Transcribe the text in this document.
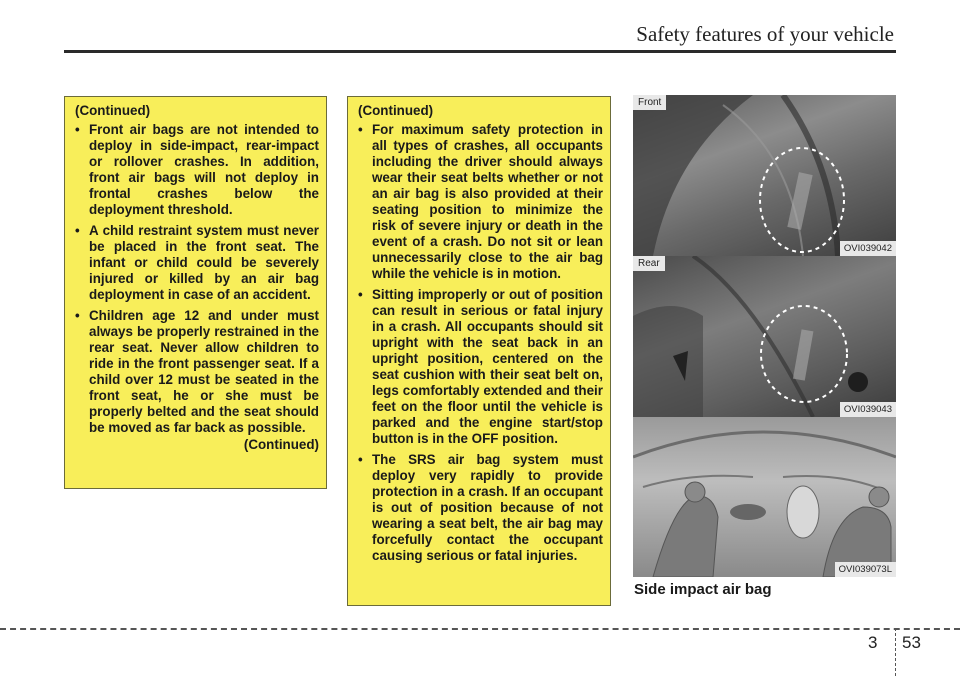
Safety features of your vehicle

(Continued)

• Front air bags are not intended to deploy in side-impact, rear-impact or rollover crashes. In addition, front air bags will not deploy in frontal crashes below the deployment threshold.

• A child restraint system must never be placed in the front seat. The infant or child could be severely injured or killed by an air bag deployment in case of an accident.

• Children age 12 and under must always be properly restrained in the rear seat. Never allow children to ride in the front passenger seat. If a child over 12 must be seated in the front seat, he or she must be properly belted and the seat should be moved as far back as possible.

(Continued)

(Continued)

• For maximum safety protection in all types of crashes, all occupants including the driver should always wear their seat belts whether or not an air bag is also provided at their seating position to minimize the risk of severe injury or death in the event of a crash. Do not sit or lean unnecessarily close to the air bag while the vehicle is in motion.

• Sitting improperly or out of position can result in serious or fatal injury in a crash. All occupants should sit upright with the seat back in an upright position, centered on the seat cushion with their seat belt on, legs comfortably extended and their feet on the floor until the vehicle is parked and the engine start/stop button is in the OFF position.

• The SRS air bag system must deploy very rapidly to provide protection in a crash. If an occupant is out of position because of not wearing a seat belt, the air bag may forcefully contact the occupant causing serious or fatal injuries.

Front
OVI039042
Rear
OVI039043
OVI039073L
Side impact air bag
3 53
